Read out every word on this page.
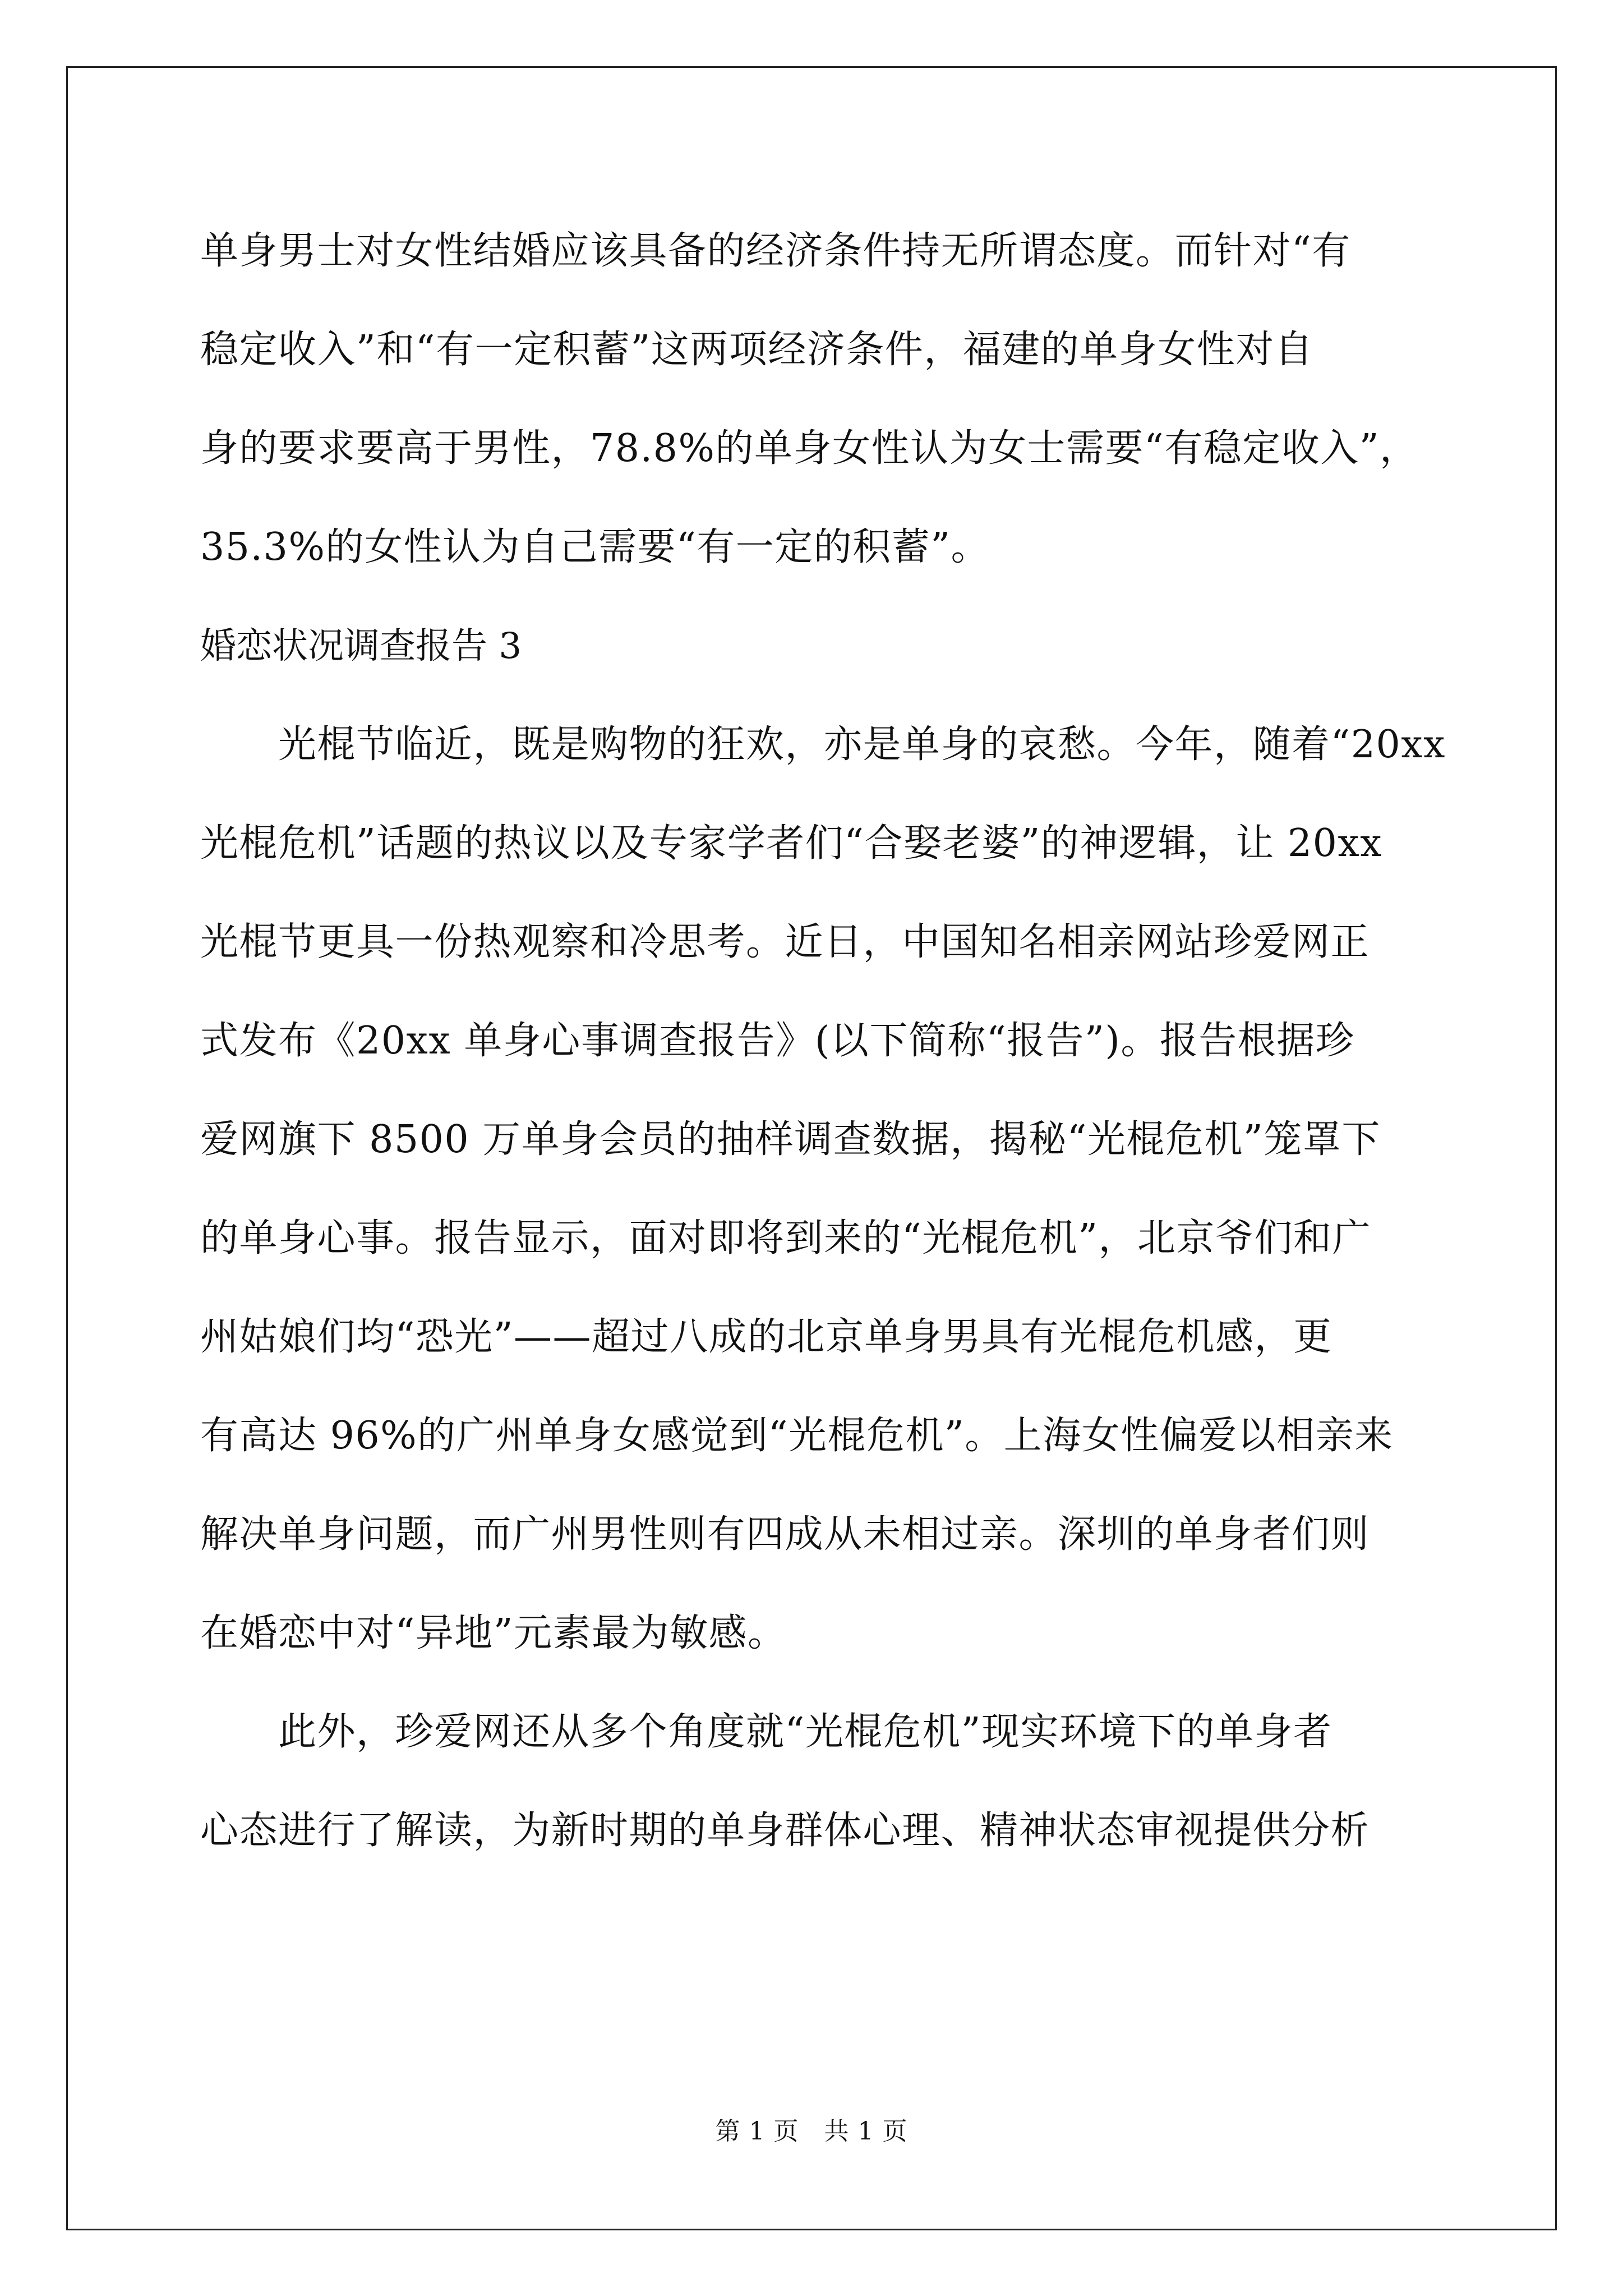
单身男士对女性结婚应该具备的经济条件持无所谓态度。而针对“有
稳定收入”和“有一定积蓄”这两项经济条件，福建的单身女性对自
身的要求要高于男性，78.8%的单身女性认为女士需要“有稳定收入”，
35.3%的女性认为自己需要“有一定的积蓄”。
婚恋状况调查报告 3
　　光棍节临近，既是购物的狂欢，亦是单身的哀愁。今年，随着“20xx
光棍危机”话题的热议以及专家学者们“合娶老婆”的神逻辑，让 20xx
光棍节更具一份热观察和冷思考。近日，中国知名相亲网站珍爱网正
式发布《20xx 单身心事调查报告》(以下简称“报告”)。报告根据珍
爱网旗下 8500 万单身会员的抽样调查数据，揭秘“光棍危机”笼罩下
的单身心事。报告显示，面对即将到来的“光棍危机”，北京爷们和广
州姑娘们均“恐光”——超过八成的北京单身男具有光棍危机感，更
有高达 96%的广州单身女感觉到“光棍危机”。上海女性偏爱以相亲来
解决单身问题，而广州男性则有四成从未相过亲。深圳的单身者们则
在婚恋中对“异地”元素最为敏感。
　　此外，珍爱网还从多个角度就“光棍危机”现实环境下的单身者
心态进行了解读，为新时期的单身群体心理、精神状态审视提供分析
第 1 页　共 1 页
